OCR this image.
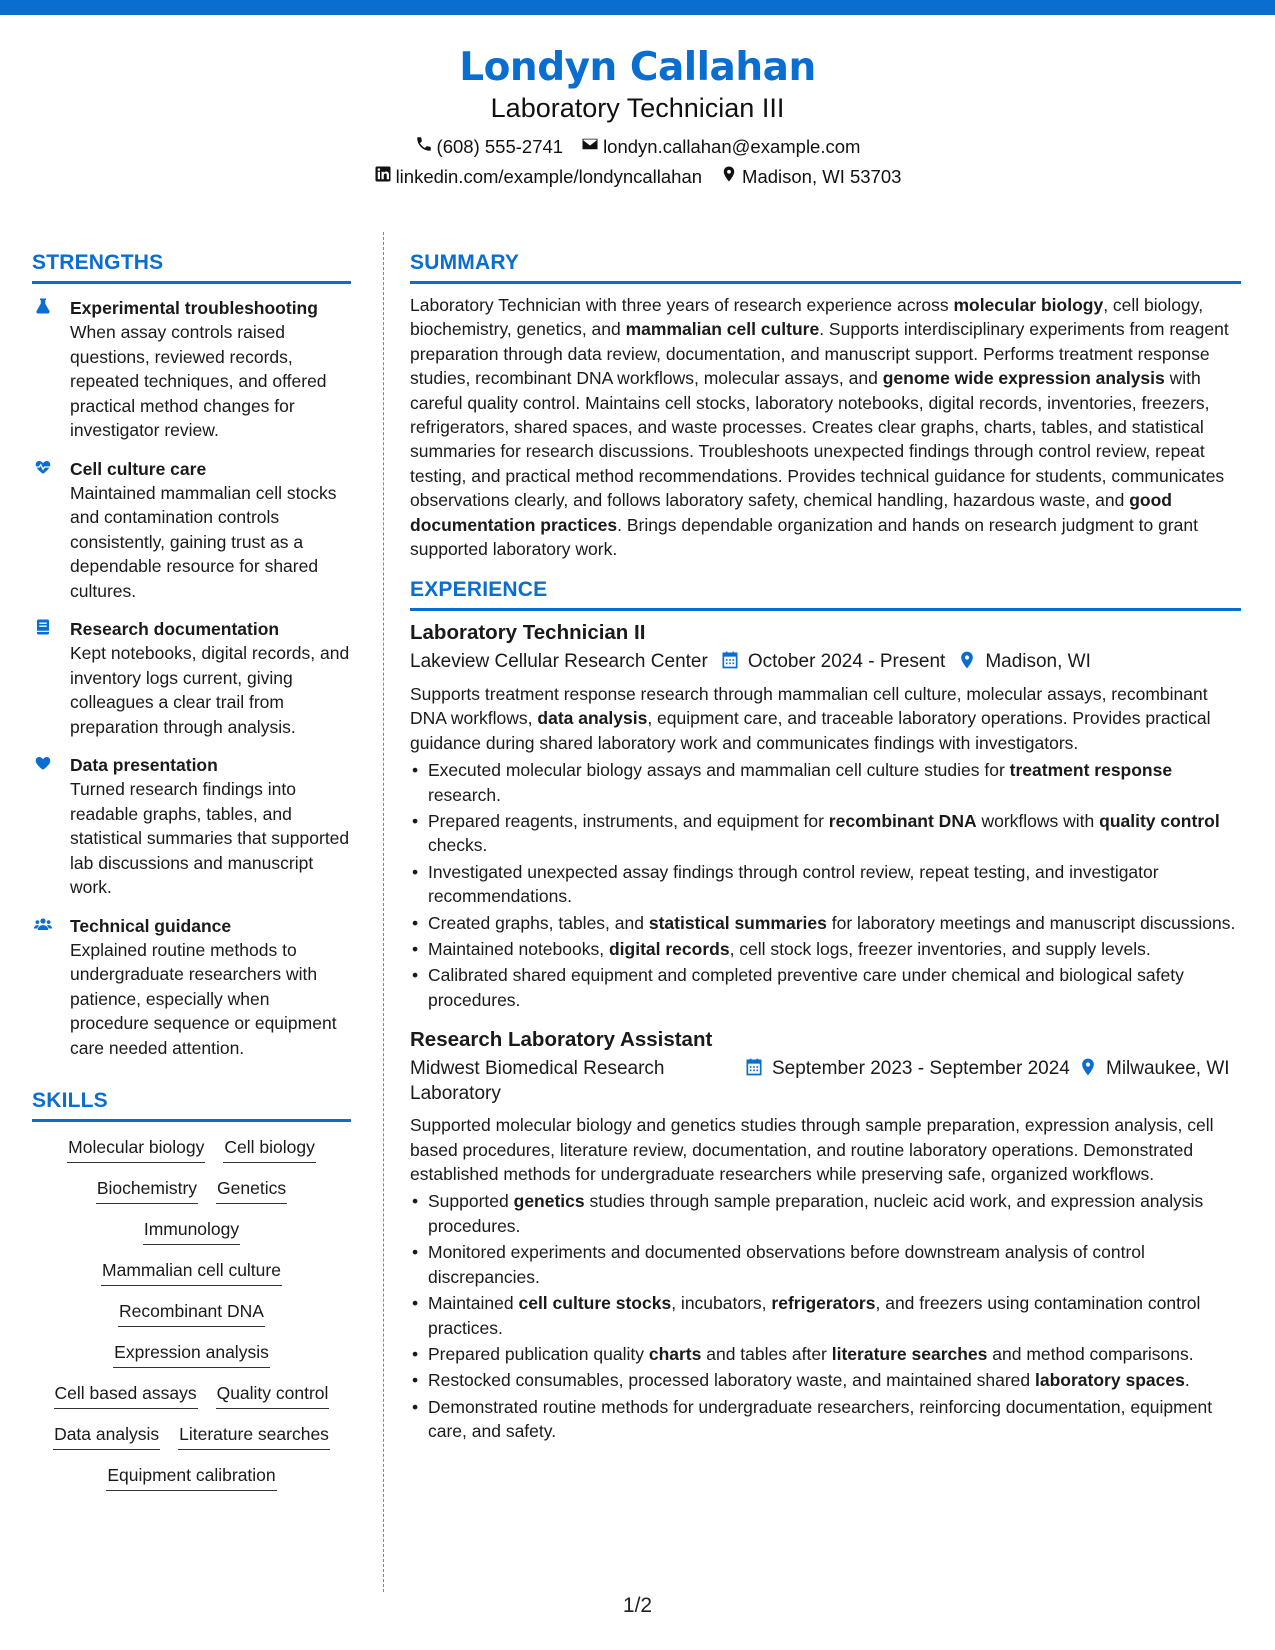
Londyn Callahan
Laboratory Technician III
(608) 555-2741 londyn.callahan@example.com
linkedin.com/example/londyncallahan Madison, WI 53703
STRENGTHS
Experimental troubleshooting
When assay controls raised questions, reviewed records, repeated techniques, and offered practical method changes for investigator review.
Cell culture care
Maintained mammalian cell stocks and contamination controls consistently, gaining trust as a dependable resource for shared cultures.
Research documentation
Kept notebooks, digital records, and inventory logs current, giving colleagues a clear trail from preparation through analysis.
Data presentation
Turned research findings into readable graphs, tables, and statistical summaries that supported lab discussions and manuscript work.
Technical guidance
Explained routine methods to undergraduate researchers with patience, especially when procedure sequence or equipment care needed attention.
SKILLS
Molecular biology Cell biology
Biochemistry Genetics
Immunology
Mammalian cell culture
Recombinant DNA
Expression analysis
Cell based assays Quality control
Data analysis Literature searches
Equipment calibration
SUMMARY
Laboratory Technician with three years of research experience across molecular biology, cell biology, biochemistry, genetics, and mammalian cell culture. Supports interdisciplinary experiments from reagent preparation through data review, documentation, and manuscript support. Performs treatment response studies, recombinant DNA workflows, molecular assays, and genome wide expression analysis with careful quality control. Maintains cell stocks, laboratory notebooks, digital records, inventories, freezers, refrigerators, shared spaces, and waste processes. Creates clear graphs, charts, tables, and statistical summaries for research discussions. Troubleshoots unexpected findings through control review, repeat testing, and practical method recommendations. Provides technical guidance for students, communicates observations clearly, and follows laboratory safety, chemical handling, hazardous waste, and good documentation practices. Brings dependable organization and hands on research judgment to grant supported laboratory work.
EXPERIENCE
Laboratory Technician II
Lakeview Cellular Research Center October 2024 - Present Madison, WI
Supports treatment response research through mammalian cell culture, molecular assays, recombinant DNA workflows, data analysis, equipment care, and traceable laboratory operations. Provides practical guidance during shared laboratory work and communicates findings with investigators.
• Executed molecular biology assays and mammalian cell culture studies for treatment response research.
• Prepared reagents, instruments, and equipment for recombinant DNA workflows with quality control checks.
• Investigated unexpected assay findings through control review, repeat testing, and investigator recommendations.
• Created graphs, tables, and statistical summaries for laboratory meetings and manuscript discussions.
• Maintained notebooks, digital records, cell stock logs, freezer inventories, and supply levels.
• Calibrated shared equipment and completed preventive care under chemical and biological safety procedures.
Research Laboratory Assistant
Midwest Biomedical Research Laboratory
September 2023 - September 2024 Milwaukee, WI
Supported molecular biology and genetics studies through sample preparation, expression analysis, cell based procedures, literature review, documentation, and routine laboratory operations. Demonstrated established methods for undergraduate researchers while preserving safe, organized workflows.
• Supported genetics studies through sample preparation, nucleic acid work, and expression analysis procedures.
• Monitored experiments and documented observations before downstream analysis of control discrepancies.
• Maintained cell culture stocks, incubators, refrigerators, and freezers using contamination control practices.
• Prepared publication quality charts and tables after literature searches and method comparisons.
• Restocked consumables, processed laboratory waste, and maintained shared laboratory spaces.
• Demonstrated routine methods for undergraduate researchers, reinforcing documentation, equipment care, and safety.
1/2
